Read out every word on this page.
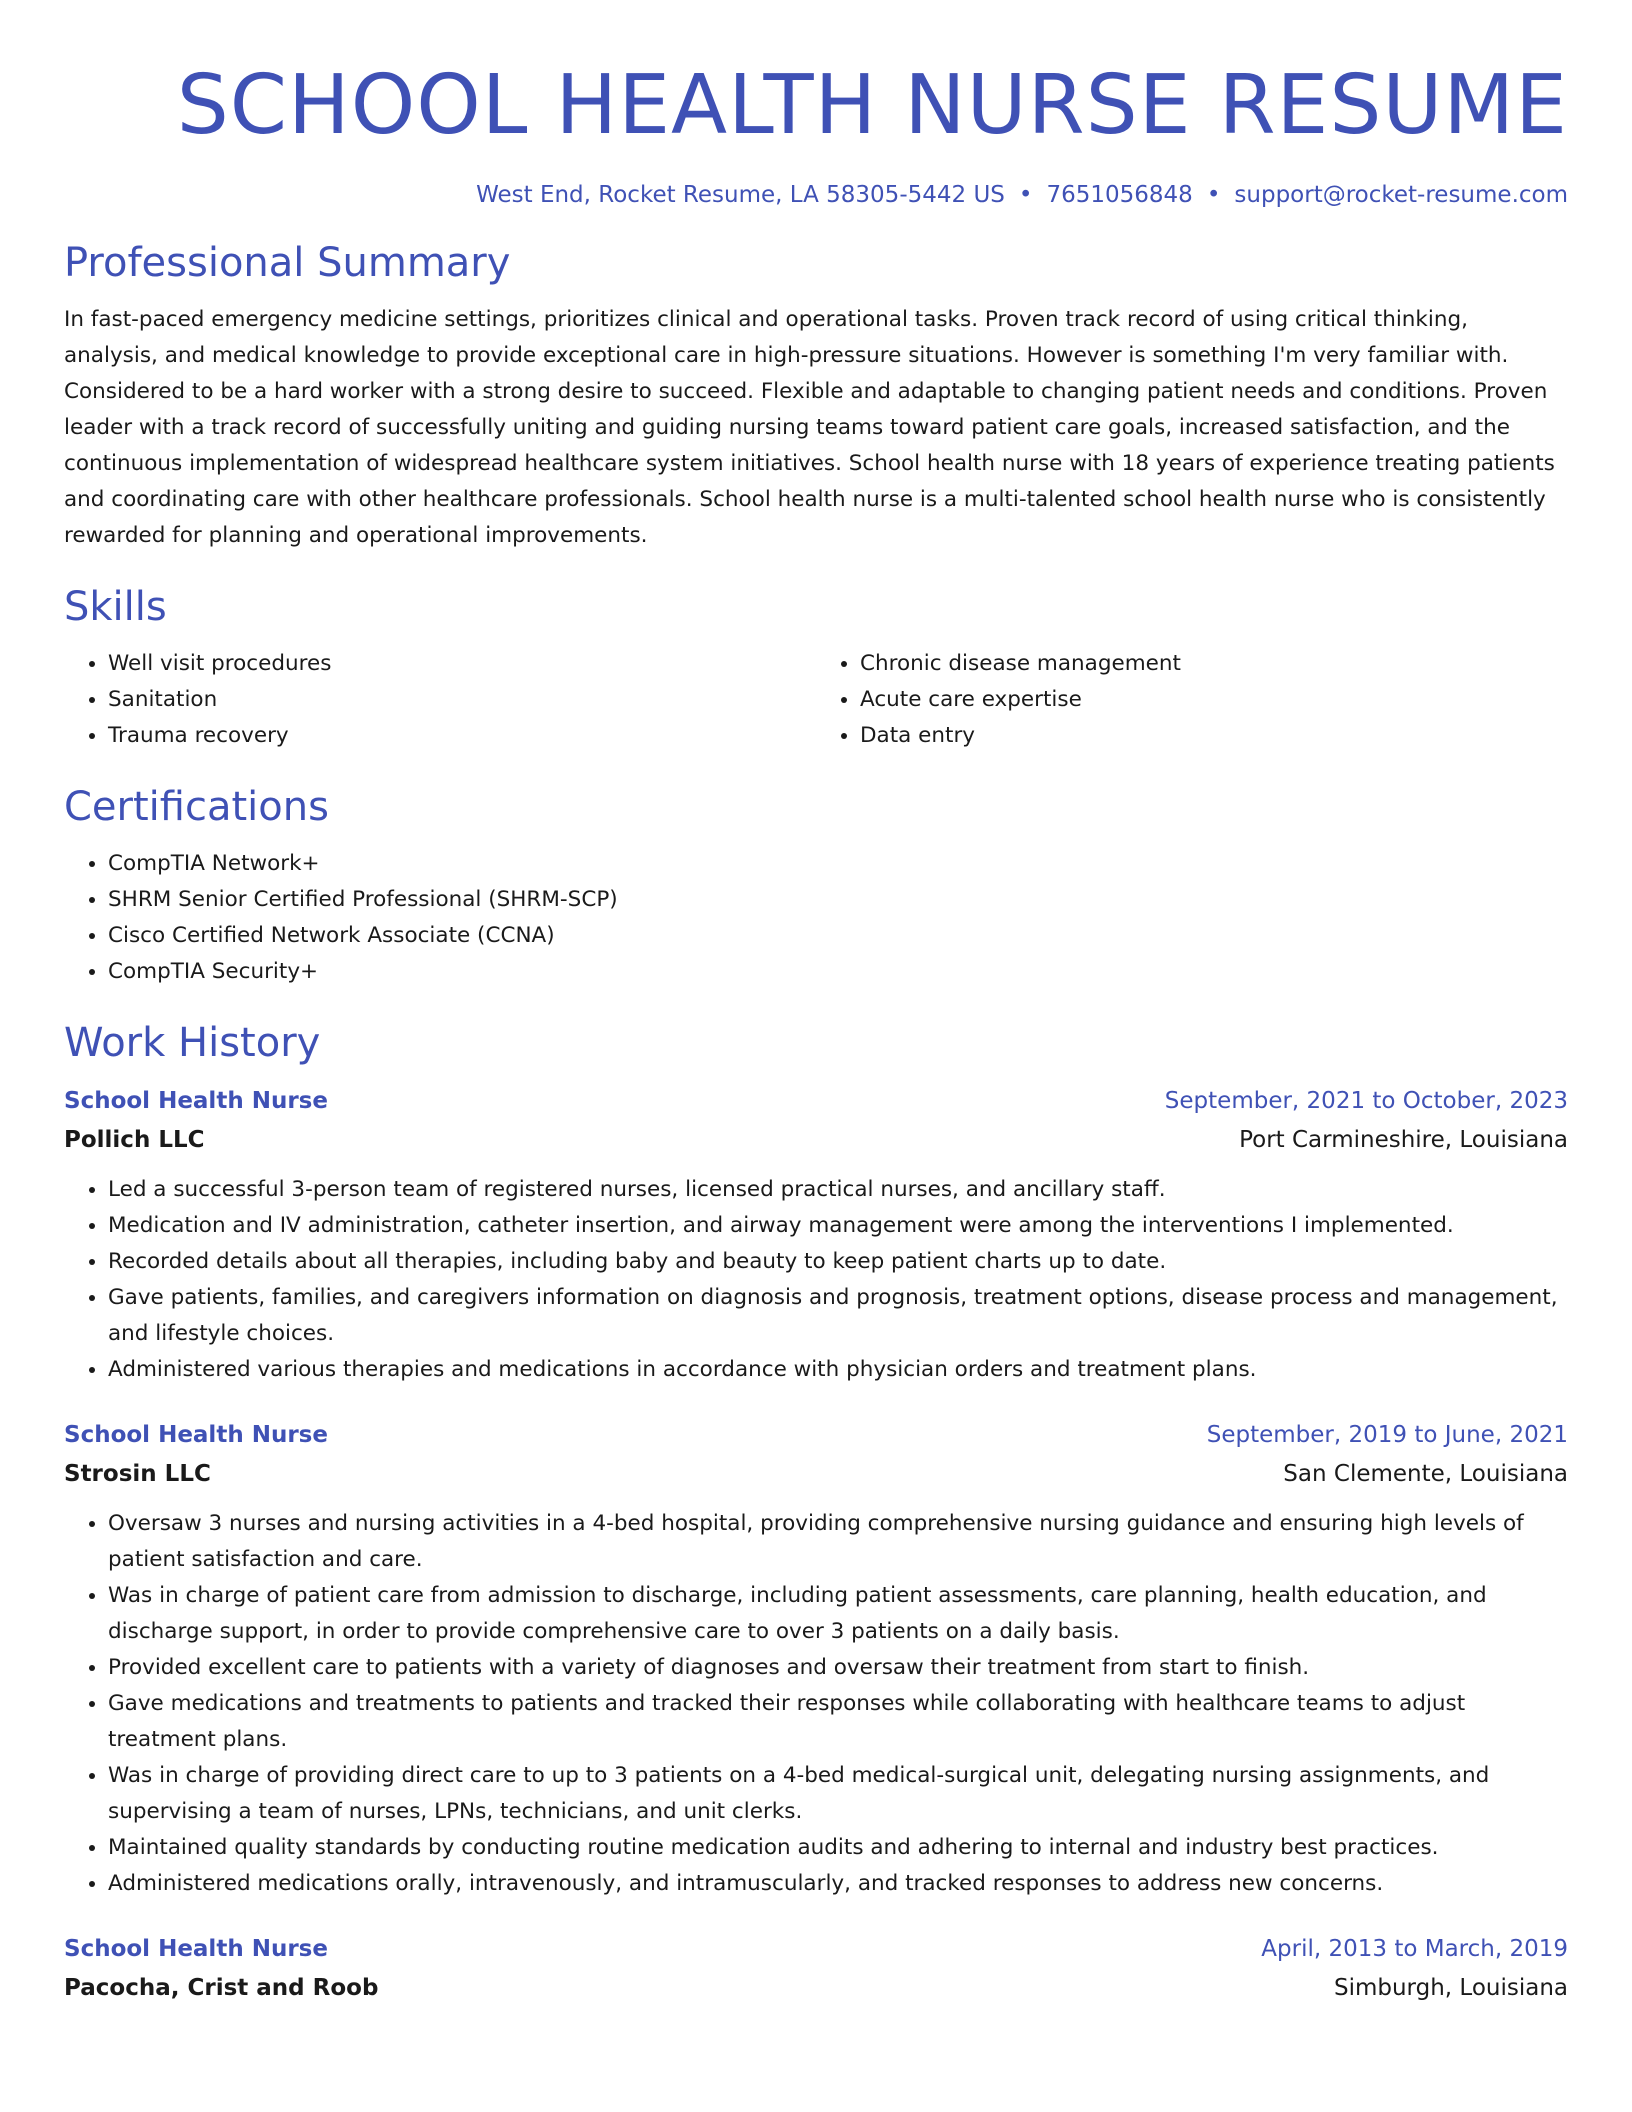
SCHOOL HEALTH NURSE RESUME
West End, Rocket Resume, LA 58305-5442 US • 7651056848 • support@rocket-resume.com
Professional Summary

In fast-paced emergency medicine settings, prioritizes clinical and operational tasks. Proven track record of using critical thinking, analysis, and medical knowledge to provide exceptional care in high-pressure situations. However is something I'm very familiar with. Considered to be a hard worker with a strong desire to succeed. Flexible and adaptable to changing patient needs and conditions. Proven leader with a track record of successfully uniting and guiding nursing teams toward patient care goals, increased satisfaction, and the continuous implementation of widespread healthcare system initiatives. School health nurse with 18 years of experience treating patients and coordinating care with other healthcare professionals. School health nurse is a multi-talented school health nurse who is consistently rewarded for planning and operational improvements.

Skills
• Well visit procedures
• Sanitation
• Trauma recovery
• Chronic disease management
• Acute care expertise
• Data entry
Certifications
• CompTIA Network+
• SHRM Senior Certified Professional (SHRM-SCP)
• Cisco Certified Network Associate (CCNA)
• CompTIA Security+
Work History
School Health Nurse	September, 2021 to October, 2023
Pollich LLC	Port Carmineshire, Louisiana
• Led a successful 3-person team of registered nurses, licensed practical nurses, and ancillary staff.
• Medication and IV administration, catheter insertion, and airway management were among the interventions I implemented.
• Recorded details about all therapies, including baby and beauty to keep patient charts up to date.
• Gave patients, families, and caregivers information on diagnosis and prognosis, treatment options, disease process and management, and lifestyle choices.
• Administered various therapies and medications in accordance with physician orders and treatment plans.
School Health Nurse	September, 2019 to June, 2021
Strosin LLC	San Clemente, Louisiana
• Oversaw 3 nurses and nursing activities in a 4-bed hospital, providing comprehensive nursing guidance and ensuring high levels of patient satisfaction and care.
• Was in charge of patient care from admission to discharge, including patient assessments, care planning, health education, and discharge support, in order to provide comprehensive care to over 3 patients on a daily basis.
• Provided excellent care to patients with a variety of diagnoses and oversaw their treatment from start to finish.
• Gave medications and treatments to patients and tracked their responses while collaborating with healthcare teams to adjust treatment plans.
• Was in charge of providing direct care to up to 3 patients on a 4-bed medical-surgical unit, delegating nursing assignments, and supervising a team of nurses, LPNs, technicians, and unit clerks.
• Maintained quality standards by conducting routine medication audits and adhering to internal and industry best practices.
• Administered medications orally, intravenously, and intramuscularly, and tracked responses to address new concerns.
School Health Nurse	April, 2013 to March, 2019
Pacocha, Crist and Roob	Simburgh, Louisiana
